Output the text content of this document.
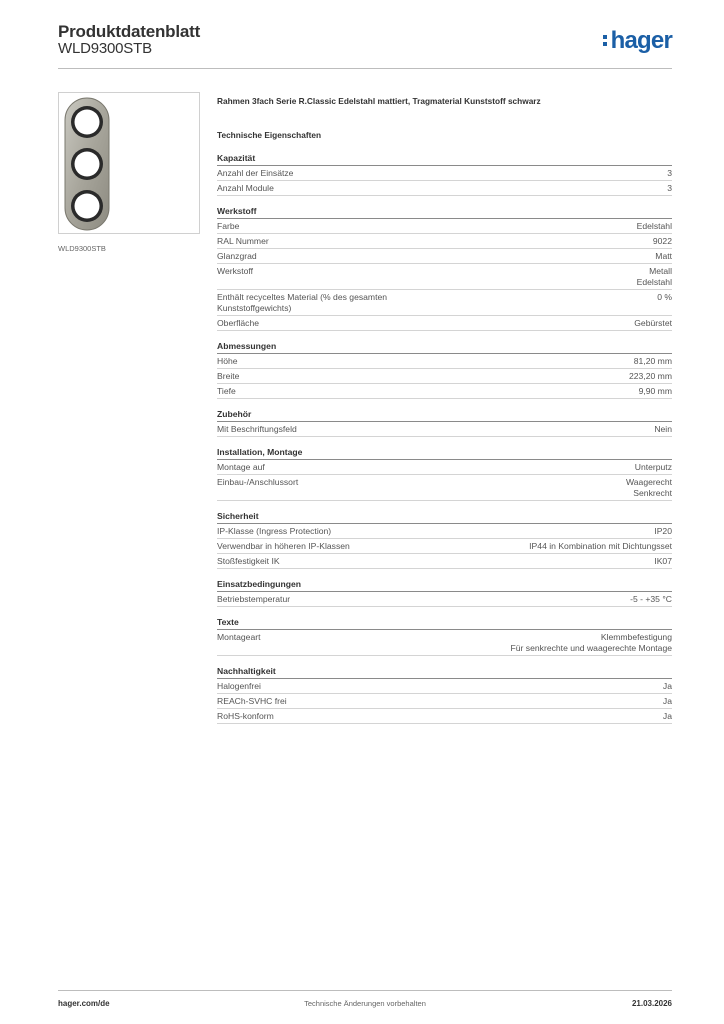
Produktdatenblatt
WLD9300STB	hager
WLD9300STB
Rahmen 3fach Serie R.Classic Edelstahl mattiert, Tragmaterial Kunststoff schwarz
Technische Eigenschaften
Kapazität
Anzahl der Einsätze	3
Anzahl Module	3
Werkstoff
Farbe	Edelstahl
RAL Nummer	9022
Glanzgrad	Matt
Werkstoff	Metall
Edelstahl
Enthält recyceltes Material (% des gesamten Kunststoffgewichts)
0 %
Oberfläche	Gebürstet
Abmessungen
Höhe	81,20 mm
Breite	223,20 mm
Tiefe	9,90 mm
Zubehör
Mit Beschriftungsfeld	Nein
Installation, Montage
Montage auf	Unterputz
Einbau-/Anschlussort	Waagerecht
Senkrecht
Sicherheit
IP-Klasse (Ingress Protection)	IP20
Verwendbar in höheren IP-Klassen	IP44 in Kombination mit Dichtungsset
Stoßfestigkeit IK	IK07
Einsatzbedingungen
Betriebstemperatur	-5 - +35 °C
Texte
Montageart	Klemmbefestigung
Für senkrechte und waagerechte Montage
Nachhaltigkeit
Halogenfrei	Ja
REACh-SVHC frei	Ja
RoHS-konform	Ja
hager.com/de	Technische Änderungen vorbehalten	21.03.2026
